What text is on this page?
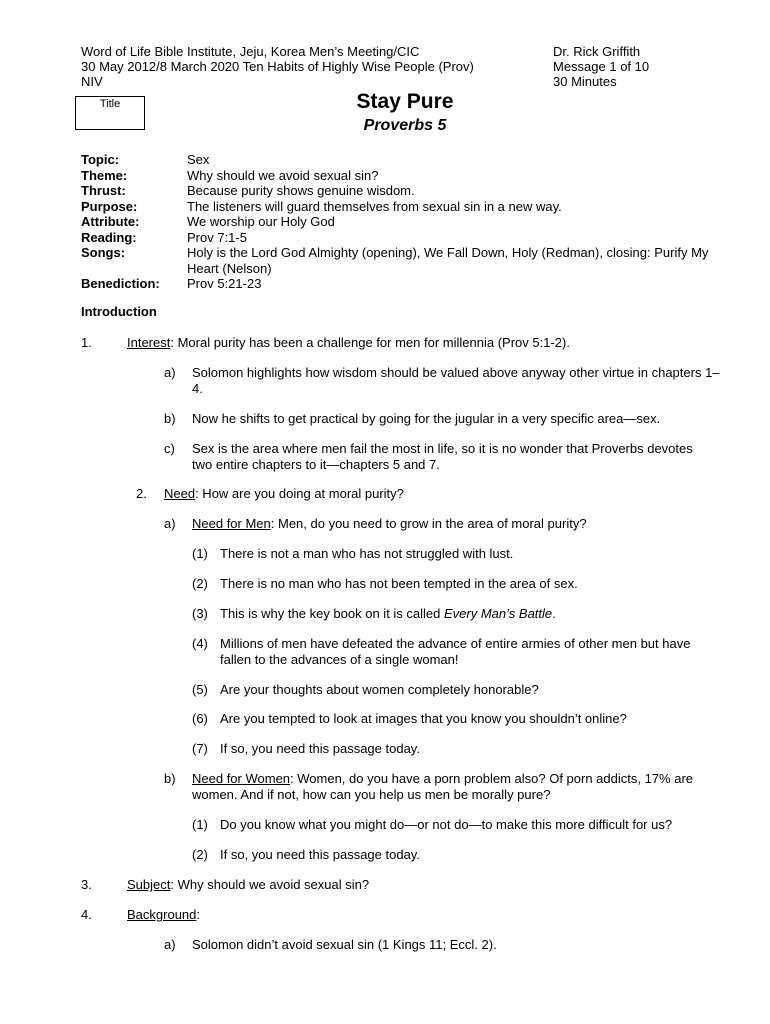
Word of Life Bible Institute, Jeju, Korea Men’s Meeting/CIC
30 May 2012/8 March 2020 Ten Habits of Highly Wise People (Prov)
NIV
Dr. Rick Griffith
Message 1 of 10
30 Minutes
Title	Stay Pure
Proverbs 5
Topic:	Sex
Theme:	Why should we avoid sexual sin?
Thrust:	Because purity shows genuine wisdom.
Purpose:	The listeners will guard themselves from sexual sin in a new way.
Attribute:	We worship our Holy God
Reading:	Prov 7:1-5
Songs:	Holy is the Lord God Almighty (opening), We Fall Down, Holy (Redman), closing: Purify My Heart (Nelson)
Benediction:	Prov 5:21-23
Introduction
1.	Interest: Moral purity has been a challenge for men for millennia (Prov 5:1-2).
a) Solomon highlights how wisdom should be valued above anyway other virtue in chapters 1–4.
b) Now he shifts to get practical by going for the jugular in a very specific area—sex.
c) Sex is the area where men fail the most in life, so it is no wonder that Proverbs devotes two entire chapters to it—chapters 5 and 7.
2. Need: How are you doing at moral purity?
a) Need for Men: Men, do you need to grow in the area of moral purity?
(1) There is not a man who has not struggled with lust.
(2) There is no man who has not been tempted in the area of sex.
(3) This is why the key book on it is called Every Man’s Battle.
(4) Millions of men have defeated the advance of entire armies of other men but have fallen to the advances of a single woman!
(5) Are your thoughts about women completely honorable?
(6) Are you tempted to look at images that you know you shouldn’t online?
(7) If so, you need this passage today.
b) Need for Women: Women, do you have a porn problem also? Of porn addicts, 17% are women. And if not, how can you help us men be morally pure?
(1) Do you know what you might do—or not do—to make this more difficult for us?
(2) If so, you need this passage today.
3.	Subject: Why should we avoid sexual sin?
4.	Background:
a) Solomon didn’t avoid sexual sin (1 Kings 11; Eccl. 2).
